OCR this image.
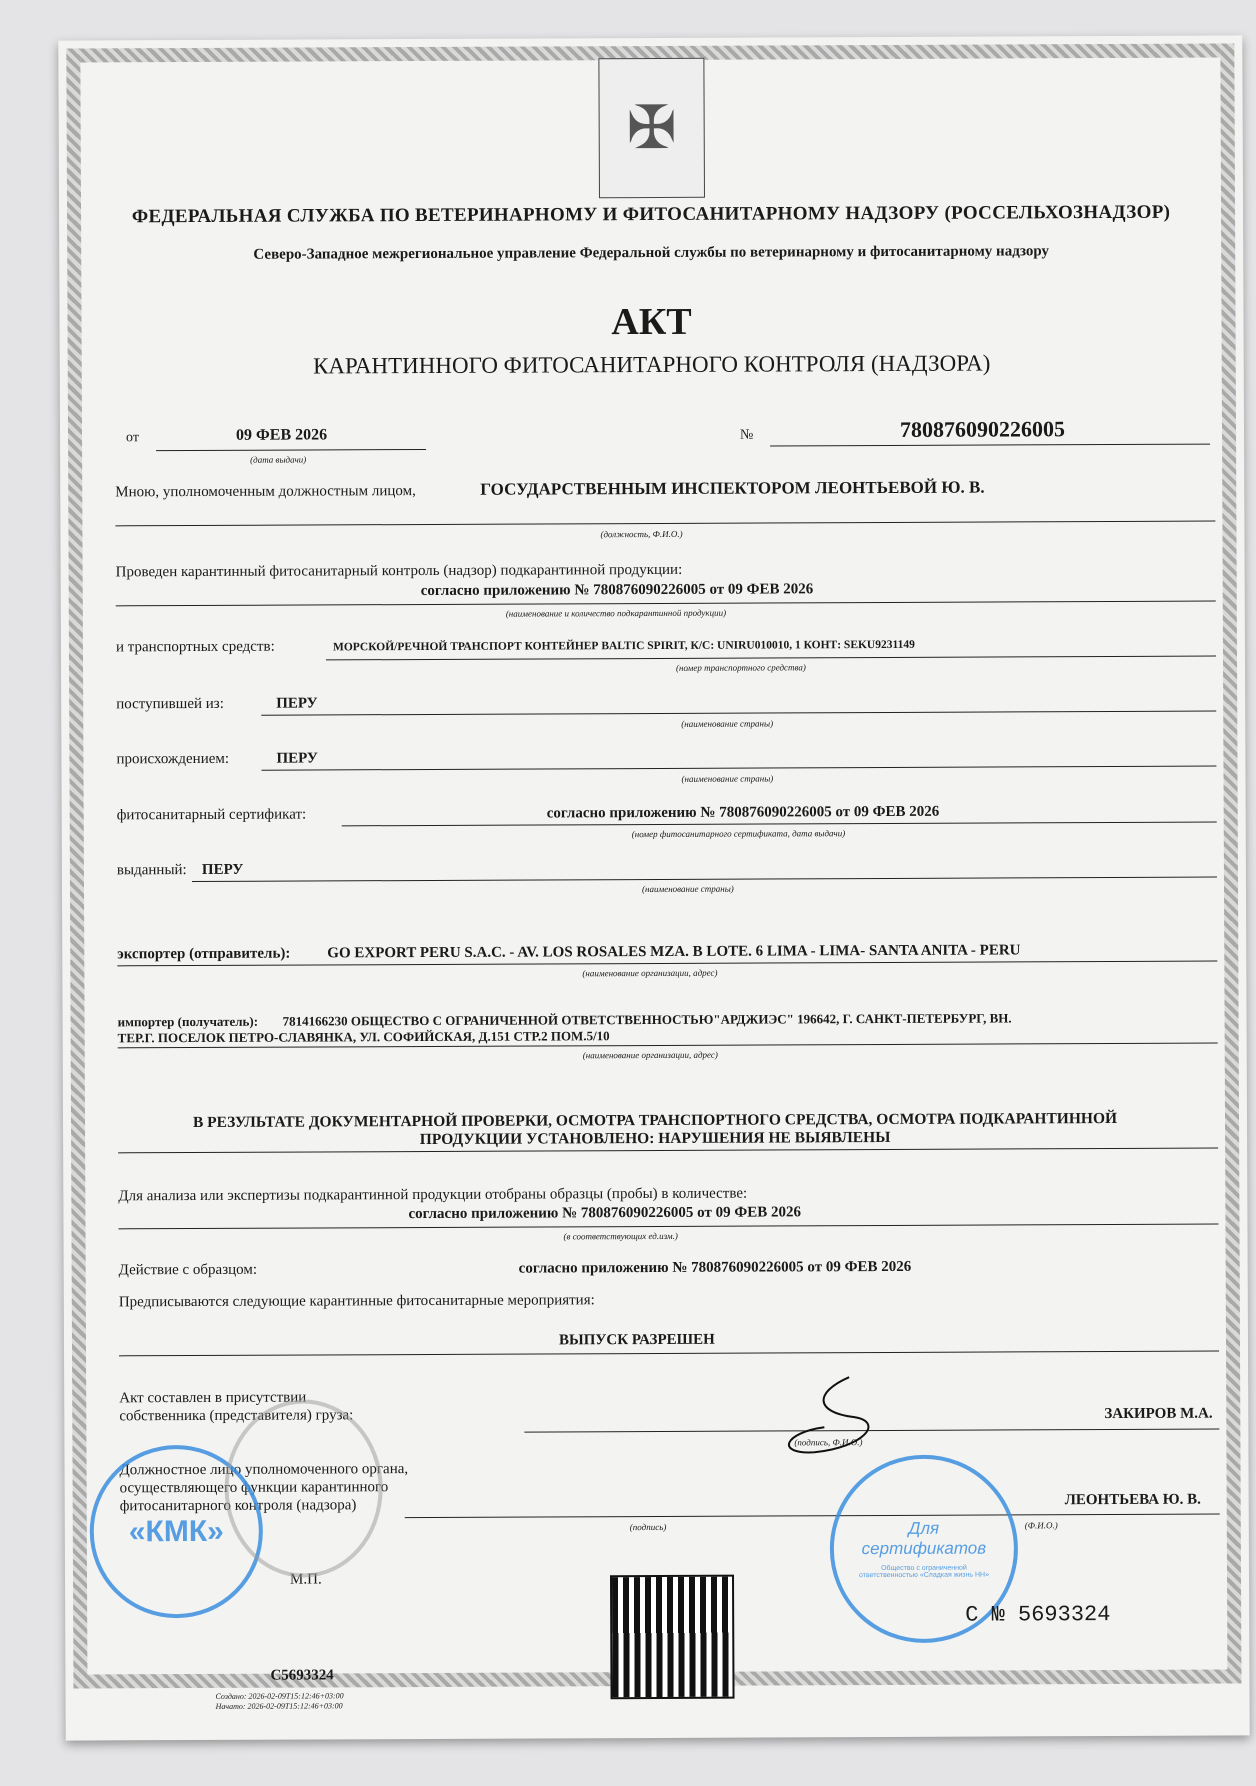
✠
ФЕДЕРАЛЬНАЯ СЛУЖБА ПО ВЕТЕРИНАРНОМУ И ФИТОСАНИТАРНОМУ НАДЗОРУ (РОССЕЛЬХОЗНАДЗОР)
Северо-Западное межрегиональное управление Федеральной службы по ветеринарному и фитосанитарному надзору
АКТ
КАРАНТИННОГО ФИТОСАНИТАРНОГО КОНТРОЛЯ (НАДЗОРА)
от	09 ФЕВ 2026
(дата выдачи)
№	780876090226005
Мною, уполномоченным должностным лицом,	ГОСУДАРСТВЕННЫМ ИНСПЕКТОРОМ ЛЕОНТЬЕВОЙ Ю. В.
(должность, Ф.И.О.)
Проведен карантинный фитосанитарный контроль (надзор) подкарантинной продукции:
согласно приложению № 780876090226005 от 09 ФЕВ 2026
(наименование и количество подкарантинной продукции)
и транспортных средств:	МОРСКОЙ/РЕЧНОЙ ТРАНСПОРТ КОНТЕЙНЕР BALTIC SPIRIT, К/С: UNIRU010010, 1 КОНТ: SEKU9231149
(номер транспортного средства)
поступившей из:	ПЕРУ
(наименование страны)
происхождением:	ПЕРУ
(наименование страны)
фитосанитарный сертификат:	согласно приложению № 780876090226005 от 09 ФЕВ 2026
(номер фитосанитарного сертификата, дата выдачи)
выданный: ПЕРУ
(наименование страны)
экспортер (отправитель): GO EXPORT PERU S.A.C. - AV. LOS ROSALES MZA. B LOTE. 6 LIMA - LIMA- SANTA ANITA - PERU
(наименование организации, адрес)
импортер (получатель): 7814166230 ОБЩЕСТВО С ОГРАНИЧЕННОЙ ОТВЕТСТВЕННОСТЬЮ"АРДЖИЭС" 196642, Г. САНКТ-ПЕТЕРБУРГ, ВН.
ТЕР.Г. ПОСЕЛОК ПЕТРО-СЛАВЯНКА, УЛ. СОФИЙСКАЯ, Д.151 СТР.2 ПОМ.5/10
(наименование организации, адрес)
В РЕЗУЛЬТАТЕ ДОКУМЕНТАРНОЙ ПРОВЕРКИ, ОСМОТРА ТРАНСПОРТНОГО СРЕДСТВА, ОСМОТРА ПОДКАРАНТИННОЙ
ПРОДУКЦИИ УСТАНОВЛЕНО: НАРУШЕНИЯ НЕ ВЫЯВЛЕНЫ
Для анализа или экспертизы подкарантинной продукции отобраны образцы (пробы) в количестве:
согласно приложению № 780876090226005 от 09 ФЕВ 2026
(в соответствующих ед.изм.)
Действие с образцом:	согласно приложению № 780876090226005 от 09 ФЕВ 2026
Предписываются следующие карантинные фитосанитарные мероприятия:
ВЫПУСК РАЗРЕШЕН
Акт составлен в присутствии
собственника (представителя) груза:	ЗАКИРОВ М.А.
(подпись, Ф.И.О.)
Должностное лицо уполномоченного органа,
осуществляющего функции карантинного
фитосанитарного контроля (надзора)	ЛЕОНТЬЕВА Ю. В.
(подпись)	(Ф.И.О.)
М.П.
«КМК»	Для
сертификатов
Общество с ограниченной ответственностью «Сладкая жизнь НН»
C5693324
Создано: 2026-02-09T15:12:46+03:00
Начато: 2026-02-09T15:12:46+03:00
С № 5693324
